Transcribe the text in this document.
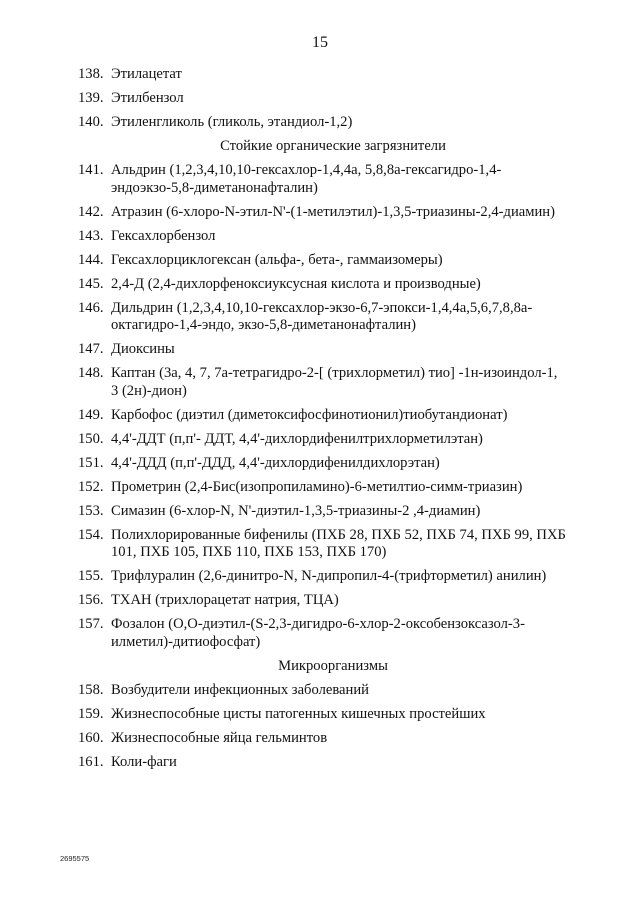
15
138. Этилацетат
139. Этилбензол
140. Этиленгликоль (гликоль, этандиол-1,2)
Стойкие органические загрязнители
141. Альдрин (1,2,3,4,10,10-гексахлор-1,4,4а, 5,8,8а-гексагидро-1,4-эндоэкзо-5,8-диметанонафталин)
142. Атразин (6-хлоро-N-этил-N'-(1-метилэтил)-1,3,5-триазины-2,4-диамин)
143. Гексахлорбензол
144. Гексахлорциклогексан (альфа-, бета-, гаммаизомеры)
145. 2,4-Д (2,4-дихлорфеноксиуксусная кислота и производные)
146. Дильдрин (1,2,3,4,10,10-гексахлор-экзо-6,7-эпокси-1,4,4а,5,6,7,8,8а-октагидро-1,4-эндо, экзо-5,8-диметанонафталин)
147. Диоксины
148. Каптан (3а, 4, 7, 7а-тетрагидро-2-[ (трихлорметил) тио] -1н-изоиндол-1, 3 (2н)-дион)
149. Карбофос (диэтил (диметоксифосфинотионил)тиобутандионат)
150. 4,4'-ДДТ (п,п'- ДДТ, 4,4'-дихлордифенилтрихлорметилэтан)
151. 4,4'-ДДД (п,п'-ДДД, 4,4'-дихлордифенилдихлорэтан)
152. Прометрин (2,4-Бис(изопропиламино)-6-метилтио-симм-триазин)
153. Симазин (6-хлор-N, N'-диэтил-1,3,5-триазины-2 ,4-диамин)
154. Полихлорированные бифенилы (ПХБ 28, ПХБ 52, ПХБ 74, ПХБ 99, ПХБ 101, ПХБ 105, ПХБ 110, ПХБ 153, ПХБ 170)
155. Трифлуралин (2,6-динитро-N, N-дипропил-4-(трифторметил) анилин)
156. ТХАН (трихлорацетат натрия, ТЦА)
157. Фозалон (О,О-диэтил-(S-2,3-дигидро-6-хлор-2-оксобензоксазол-3-илметил)-дитиофосфат)
Микроорганизмы
158. Возбудители инфекционных заболеваний
159. Жизнеспособные цисты патогенных кишечных простейших
160. Жизнеспособные яйца гельминтов
161. Коли-фаги
2695575
